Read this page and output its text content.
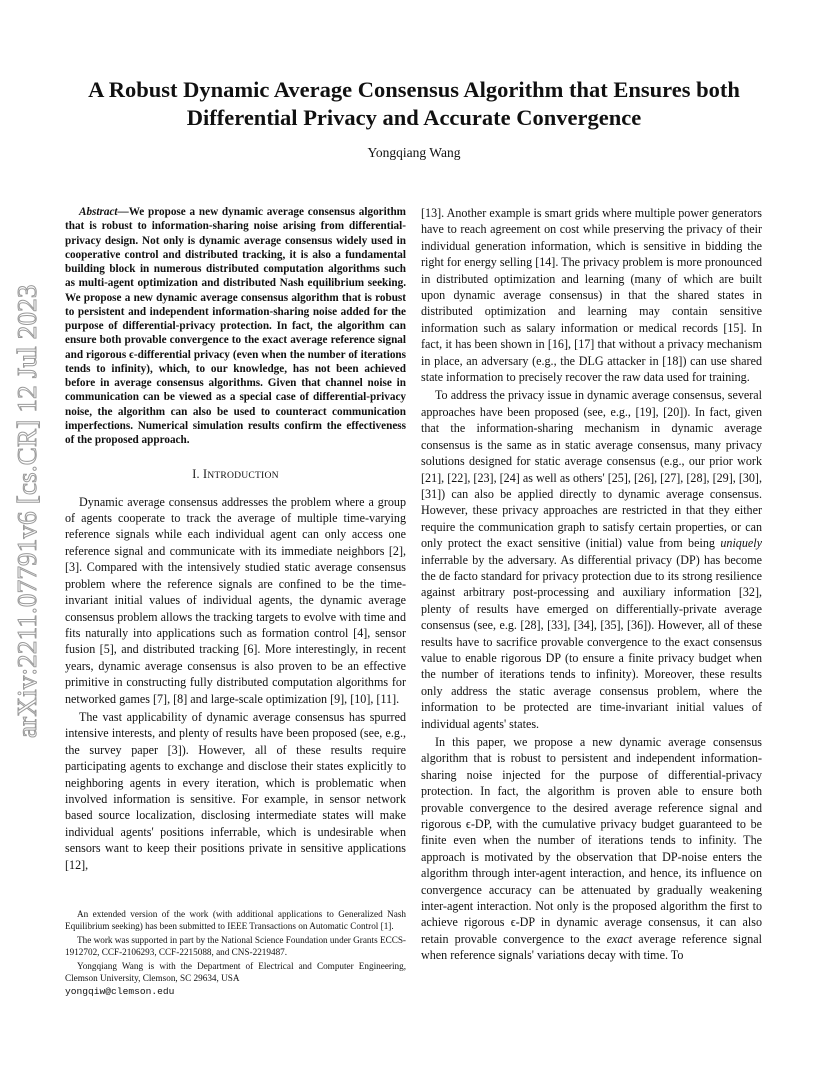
arXiv:2211.07791v6 [cs.CR] 12 Jul 2023
A Robust Dynamic Average Consensus Algorithm that Ensures both Differential Privacy and Accurate Convergence
Yongqiang Wang

Abstract—We propose a new dynamic average consensus algorithm that is robust to information-sharing noise arising from differential-privacy design. Not only is dynamic average consensus widely used in cooperative control and distributed tracking, it is also a fundamental building block in numerous distributed computation algorithms such as multi-agent optimization and distributed Nash equilibrium seeking. We propose a new dynamic average consensus algorithm that is robust to persistent and independent information-sharing noise added for the purpose of differential-privacy protection. In fact, the algorithm can ensure both provable convergence to the exact average reference signal and rigorous ϵ-differential privacy (even when the number of iterations tends to infinity), which, to our knowledge, has not been achieved before in average consensus algorithms. Given that channel noise in communication can be viewed as a special case of differential-privacy noise, the algorithm can also be used to counteract communication imperfections. Numerical simulation results confirm the effectiveness of the proposed approach.

I. INTRODUCTION

Dynamic average consensus addresses the problem where a group of agents cooperate to track the average of multiple time-varying reference signals while each individual agent can only access one reference signal and communicate with its immediate neighbors [2], [3]. Compared with the intensively studied static average consensus problem where the reference signals are confined to be the time-invariant initial values of individual agents, the dynamic average consensus problem allows the tracking targets to evolve with time and fits naturally into applications such as formation control [4], sensor fusion [5], and distributed tracking [6]. More interestingly, in recent years, dynamic average consensus is also proven to be an effective primitive in constructing fully distributed computation algorithms for networked games [7], [8] and large-scale optimization [9], [10], [11].

The vast applicability of dynamic average consensus has spurred intensive interests, and plenty of results have been proposed (see, e.g., the survey paper [3]). However, all of these results require participating agents to exchange and disclose their states explicitly to neighboring agents in every iteration, which is problematic when involved information is sensitive. For example, in sensor network based source localization, disclosing intermediate states will make individual agents' positions inferrable, which is undesirable when sensors want to keep their positions private in sensitive applications [12],

An extended version of the work (with additional applications to Generalized Nash Equilibrium seeking) has been submitted to IEEE Transactions on Automatic Control [1].

The work was supported in part by the National Science Foundation under Grants ECCS-1912702, CCF-2106293, CCF-2215088, and CNS-2219487.

Yongqiang Wang is with the Department of Electrical and Computer Engineering, Clemson University, Clemson, SC 29634, USA
yongqiw@clemson.edu

[13]. Another example is smart grids where multiple power generators have to reach agreement on cost while preserving the privacy of their individual generation information, which is sensitive in bidding the right for energy selling [14]. The privacy problem is more pronounced in distributed optimization and learning (many of which are built upon dynamic average consensus) in that the shared states in distributed optimization and learning may contain sensitive information such as salary information or medical records [15]. In fact, it has been shown in [16], [17] that without a privacy mechanism in place, an adversary (e.g., the DLG attacker in [18]) can use shared state information to precisely recover the raw data used for training.

To address the privacy issue in dynamic average consensus, several approaches have been proposed (see, e.g., [19], [20]). In fact, given that the information-sharing mechanism in dynamic average consensus is the same as in static average consensus, many privacy solutions designed for static average consensus (e.g., our prior work [21], [22], [23], [24] as well as others' [25], [26], [27], [28], [29], [30], [31]) can also be applied directly to dynamic average consensus. However, these privacy approaches are restricted in that they either require the communication graph to satisfy certain properties, or can only protect the exact sensitive (initial) value from being uniquely inferrable by the adversary. As differential privacy (DP) has become the de facto standard for privacy protection due to its strong resilience against arbitrary post-processing and auxiliary information [32], plenty of results have emerged on differentially-private average consensus (see, e.g. [28], [33], [34], [35], [36]). However, all of these results have to sacrifice provable convergence to the exact consensus value to enable rigorous DP (to ensure a finite privacy budget when the number of iterations tends to infinity). Moreover, these results only address the static average consensus problem, where the information to be protected are time-invariant initial values of individual agents' states.

In this paper, we propose a new dynamic average consensus algorithm that is robust to persistent and independent information-sharing noise injected for the purpose of differential-privacy protection. In fact, the algorithm is proven able to ensure both provable convergence to the desired average reference signal and rigorous ϵ-DP, with the cumulative privacy budget guaranteed to be finite even when the number of iterations tends to infinity. The approach is motivated by the observation that DP-noise enters the algorithm through inter-agent interaction, and hence, its influence on convergence accuracy can be attenuated by gradually weakening inter-agent interaction. Not only is the proposed algorithm the first to achieve rigorous ϵ-DP in dynamic average consensus, it can also retain provable convergence to the exact average reference signal when reference signals' variations decay with time. To
